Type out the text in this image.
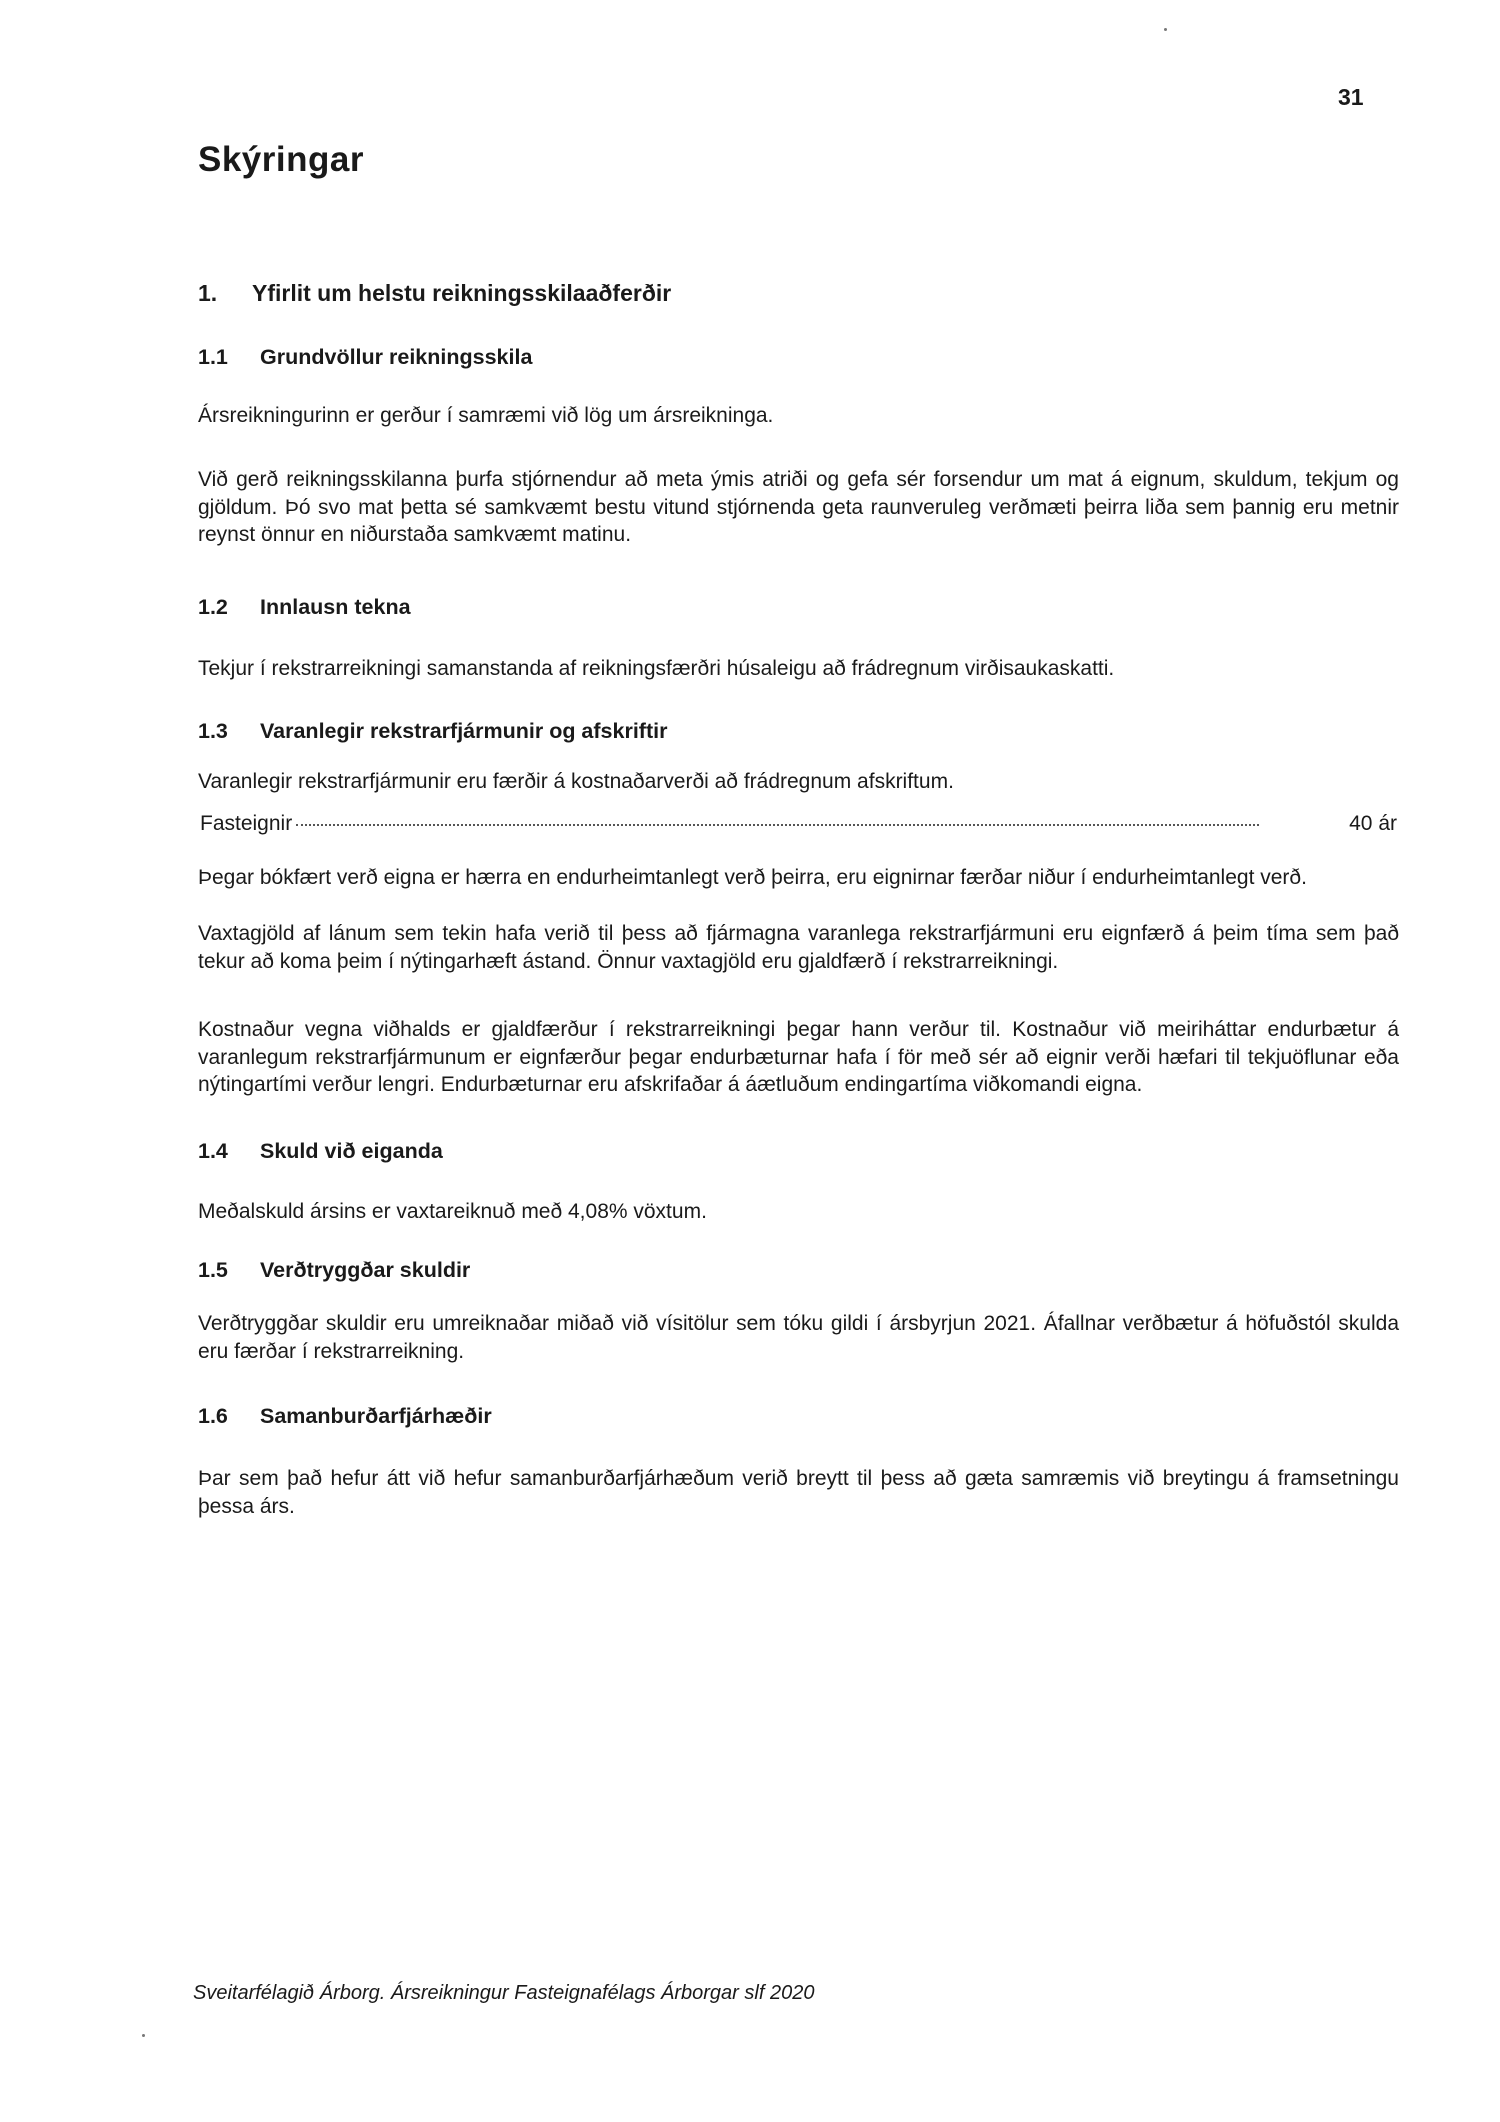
31
Skýringar
1. Yfirlit um helstu reikningsskilaaðferðir
1.1 Grundvöllur reikningsskila

Ársreikningurinn er gerður í samræmi við lög um ársreikninga.

Við gerð reikningsskilanna þurfa stjórnendur að meta ýmis atriði og gefa sér forsendur um mat á eignum, skuldum, tekjum og gjöldum. Þó svo mat þetta sé samkvæmt bestu vitund stjórnenda geta raunveruleg verðmæti þeirra liða sem þannig eru metnir reynst önnur en niðurstaða samkvæmt matinu.

1.2 Innlausn tekna

Tekjur í rekstrarreikningi samanstanda af reikningsfærðri húsaleigu að frádregnum virðisaukaskatti.

1.3 Varanlegir rekstrarfjármunir og afskriftir

Varanlegir rekstrarfjármunir eru færðir á kostnaðarverði að frádregnum afskriftum.

Fasteignir	40 ár

Þegar bókfært verð eigna er hærra en endurheimtanlegt verð þeirra, eru eignirnar færðar niður í endurheimtanlegt verð.

Vaxtagjöld af lánum sem tekin hafa verið til þess að fjármagna varanlega rekstrarfjármuni eru eignfærð á þeim tíma sem það tekur að koma þeim í nýtingarhæft ástand. Önnur vaxtagjöld eru gjaldfærð í rekstrarreikningi.

Kostnaður vegna viðhalds er gjaldfærður í rekstrarreikningi þegar hann verður til. Kostnaður við meiriháttar endurbætur á varanlegum rekstrarfjármunum er eignfærður þegar endurbæturnar hafa í för með sér að eignir verði hæfari til tekjuöflunar eða nýtingartími verður lengri. Endurbæturnar eru afskrifaðar á áætluðum endingartíma viðkomandi eigna.

1.4 Skuld við eiganda

Meðalskuld ársins er vaxtareiknuð með 4,08% vöxtum.

1.5 Verðtryggðar skuldir

Verðtryggðar skuldir eru umreiknaðar miðað við vísitölur sem tóku gildi í ársbyrjun 2021. Áfallnar verðbætur á höfuðstól skulda eru færðar í rekstrarreikning.

1.6 Samanburðarfjárhæðir

Þar sem það hefur átt við hefur samanburðarfjárhæðum verið breytt til þess að gæta samræmis við breytingu á framsetningu þessa árs.

Sveitarfélagið Árborg. Ársreikningur Fasteignafélags Árborgar slf 2020
